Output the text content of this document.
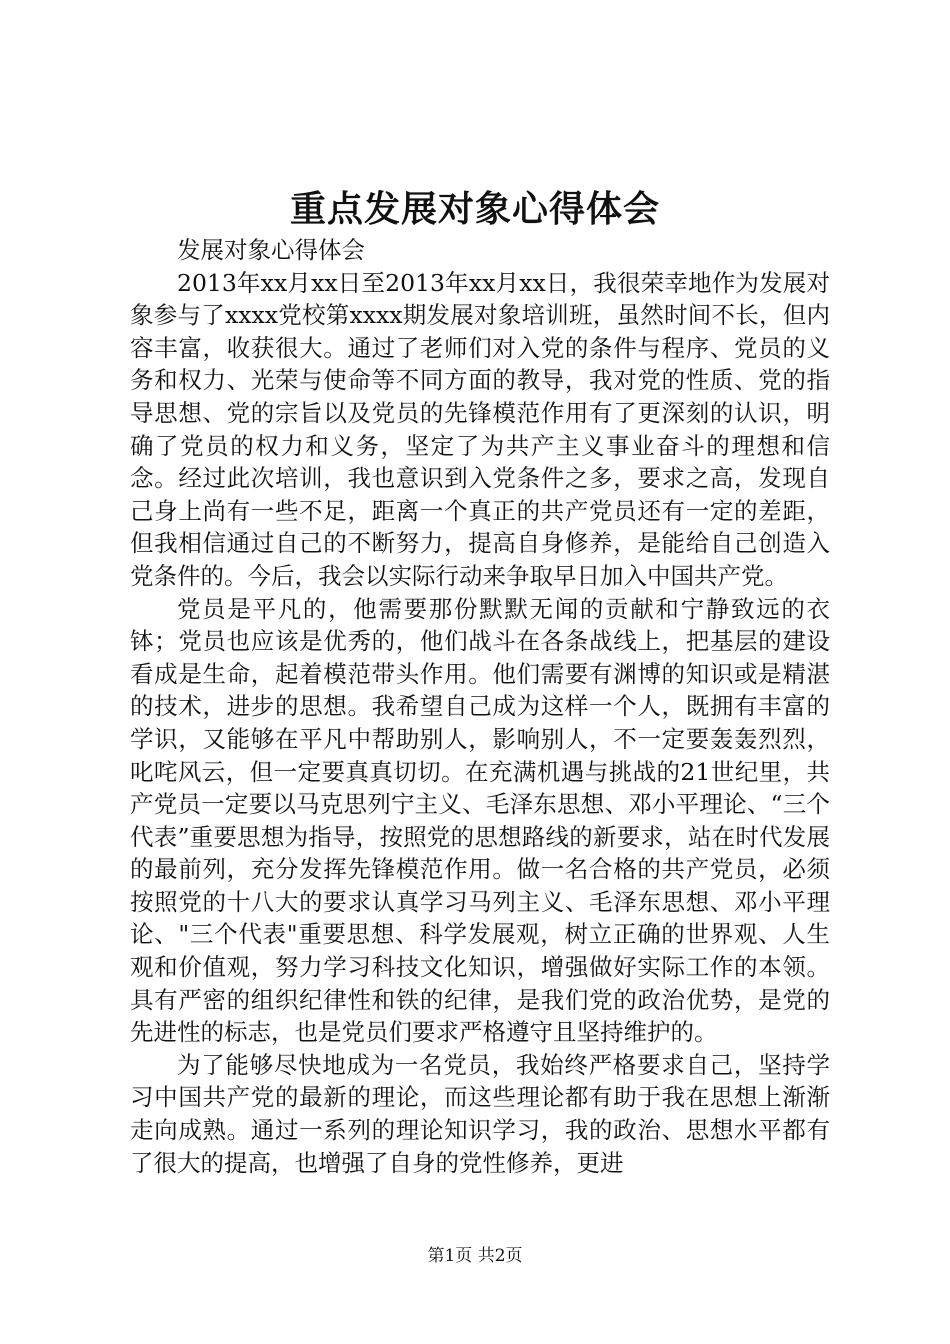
重点发展对象心得体会

发展对象心得体会

2013年xx月xx日至2013年xx月xx日，我很荣幸地作为发展对象参与了xxxx党校第xxxx期发展对象培训班，虽然时间不长，但内容丰富，收获很大。通过了老师们对入党的条件与程序、党员的义务和权力、光荣与使命等不同方面的教导，我对党的性质、党的指导思想、党的宗旨以及党员的先锋模范作用有了更深刻的认识，明确了党员的权力和义务，坚定了为共产主义事业奋斗的理想和信念。经过此次培训，我也意识到入党条件之多，要求之高，发现自己身上尚有一些不足，距离一个真正的共产党员还有一定的差距，但我相信通过自己的不断努力，提高自身修养，是能给自己创造入党条件的。今后，我会以实际行动来争取早日加入中国共产党。

党员是平凡的，他需要那份默默无闻的贡献和宁静致远的衣钵；党员也应该是优秀的，他们战斗在各条战线上，把基层的建设看成是生命，起着模范带头作用。他们需要有渊博的知识或是精湛的技术，进步的思想。我希望自己成为这样一个人，既拥有丰富的学识，又能够在平凡中帮助别人，影响别人，不一定要轰轰烈烈，叱咤风云，但一定要真真切切。在充满机遇与挑战的21世纪里，共产党员一定要以马克思列宁主义、毛泽东思想、邓小平理论、“三个代表”重要思想为指导，按照党的思想路线的新要求，站在时代发展的最前列，充分发挥先锋模范作用。做一名合格的共产党员，必须按照党的十八大的要求认真学习马列主义、毛泽东思想、邓小平理论、"三个代表"重要思想、科学发展观，树立正确的世界观、人生观和价值观，努力学习科技文化知识，增强做好实际工作的本领。具有严密的组织纪律性和铁的纪律，是我们党的政治优势，是党的先进性的标志，也是党员们要求严格遵守且坚持维护的。

为了能够尽快地成为一名党员，我始终严格要求自己，坚持学习中国共产党的最新的理论，而这些理论都有助于我在思想上渐渐走向成熟。通过一系列的理论知识学习，我的政治、思想水平都有了很大的提高，也增强了自身的党性修养，更进

第1页 共2页
